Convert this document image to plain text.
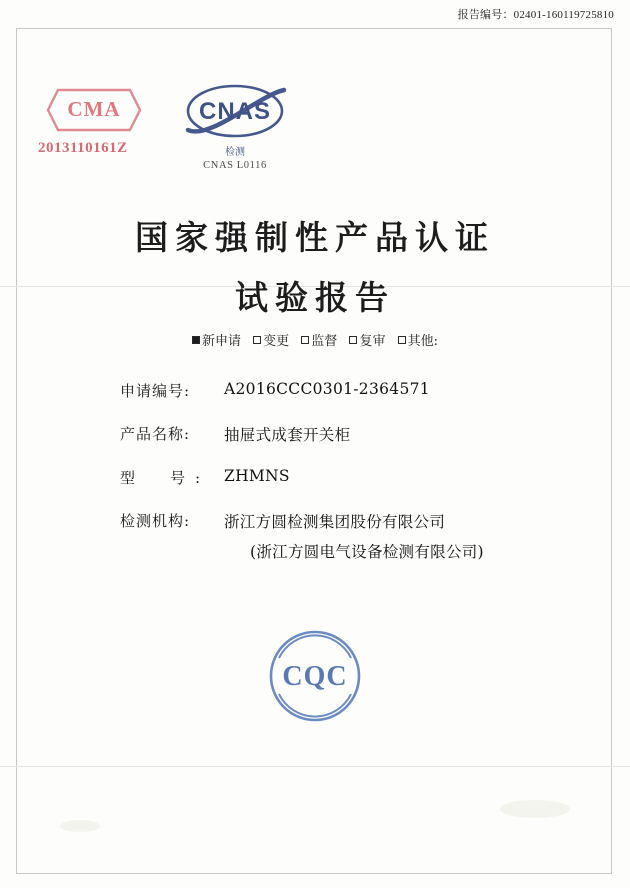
报告编号：02401-160119725810
CMA
2013110161Z
CNAS
检测
CNAS L0116
国家强制性产品认证
试验报告
新申请 变更 监督 复审 其他:
申请编号:	A2016CCC0301-2364571
产品名称:	抽屉式成套开关柜
型　号: ZHMNS
检测机构:	浙江方圆检测集团股份有限公司
(浙江方圆电气设备检测有限公司)
CQC
